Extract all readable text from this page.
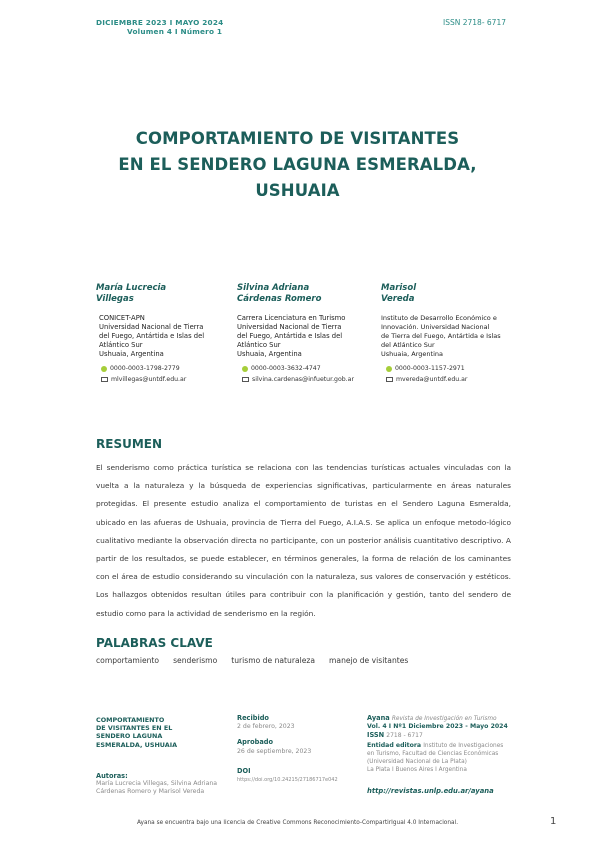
DICIEMBRE 2023 I MAYO 2024
Volumen 4 I Número 1
ISSN 2718- 6717
COMPORTAMIENTO DE VISITANTES
EN EL SENDERO LAGUNA ESMERALDA,
USHUAIA
María Lucrecia
Villegas
CONICET-APN
Universidad Nacional de Tierra
del Fuego, Antártida e Islas del
Atlántico Sur
Ushuaia, Argentina
0000-0003-1798-2779
mlvillegas@untdf.edu.ar
Silvina Adriana
Cárdenas Romero
Carrera Licenciatura en Turismo
Universidad Nacional de Tierra
del Fuego, Antártida e Islas del
Atlántico Sur
Ushuaia, Argentina
0000-0003-3632-4747
silvina.cardenas@infuetur.gob.ar
Marisol
Vereda
Instituto de Desarrollo Económico e
Innovación. Universidad Nacional
de Tierra del Fuego, Antártida e Islas
del Atlántico Sur
Ushuaia, Argentina
0000-0003-1157-2971
mvereda@untdf.edu.ar
RESUMEN
El senderismo como práctica turística se relaciona con las tendencias turísticas actuales vinculadas con la vuelta a la naturaleza y la búsqueda de experiencias significativas, particularmente en áreas naturales protegidas. El presente estudio analiza el comportamiento de turistas en el Sendero Laguna Esmeralda, ubicado en las afueras de Ushuaia, provincia de Tierra del Fuego, A.I.A.S. Se aplica un enfoque metodo-lógico cualitativo mediante la observación directa no participante, con un posterior análisis cuantitativo descriptivo. A partir de los resultados, se puede establecer, en términos generales, la forma de relación de los caminantes con el área de estudio considerando su vinculación con la naturaleza, sus valores de conservación y estéticos. Los hallazgos obtenidos resultan útiles para contribuir con la planificación y gestión, tanto del sendero de estudio como para la actividad de senderismo en la región.
PALABRAS CLAVE
comportamiento senderismo turismo de naturaleza manejo de visitantes
COMPORTAMIENTO
DE VISITANTES EN EL
SENDERO LAGUNA
ESMERALDA, USHUAIA
Autoras:
María Lucrecia Villegas, Silvina Adriana
Cárdenas Romero y Marisol Vereda
Recibido
2 de febrero, 2023
Aprobado
26 de septiembre, 2023
DOI
https://doi.org/10.24215/27186717e042
Ayana Revista de Investigación en Turismo
Vol. 4 I Nº1 Diciembre 2023 - Mayo 2024
ISSN 2718 - 6717
Entidad editora Instituto de Investigaciones
en Turismo, Facultad de Ciencias Económicas
(Universidad Nacional de La Plata)
La Plata I Buenos Aires I Argentina
http://revistas.unlp.edu.ar/ayana
Ayana se encuentra bajo una licencia de Creative Commons Reconocimiento-CompartirIgual 4.0 Internacional.	1
